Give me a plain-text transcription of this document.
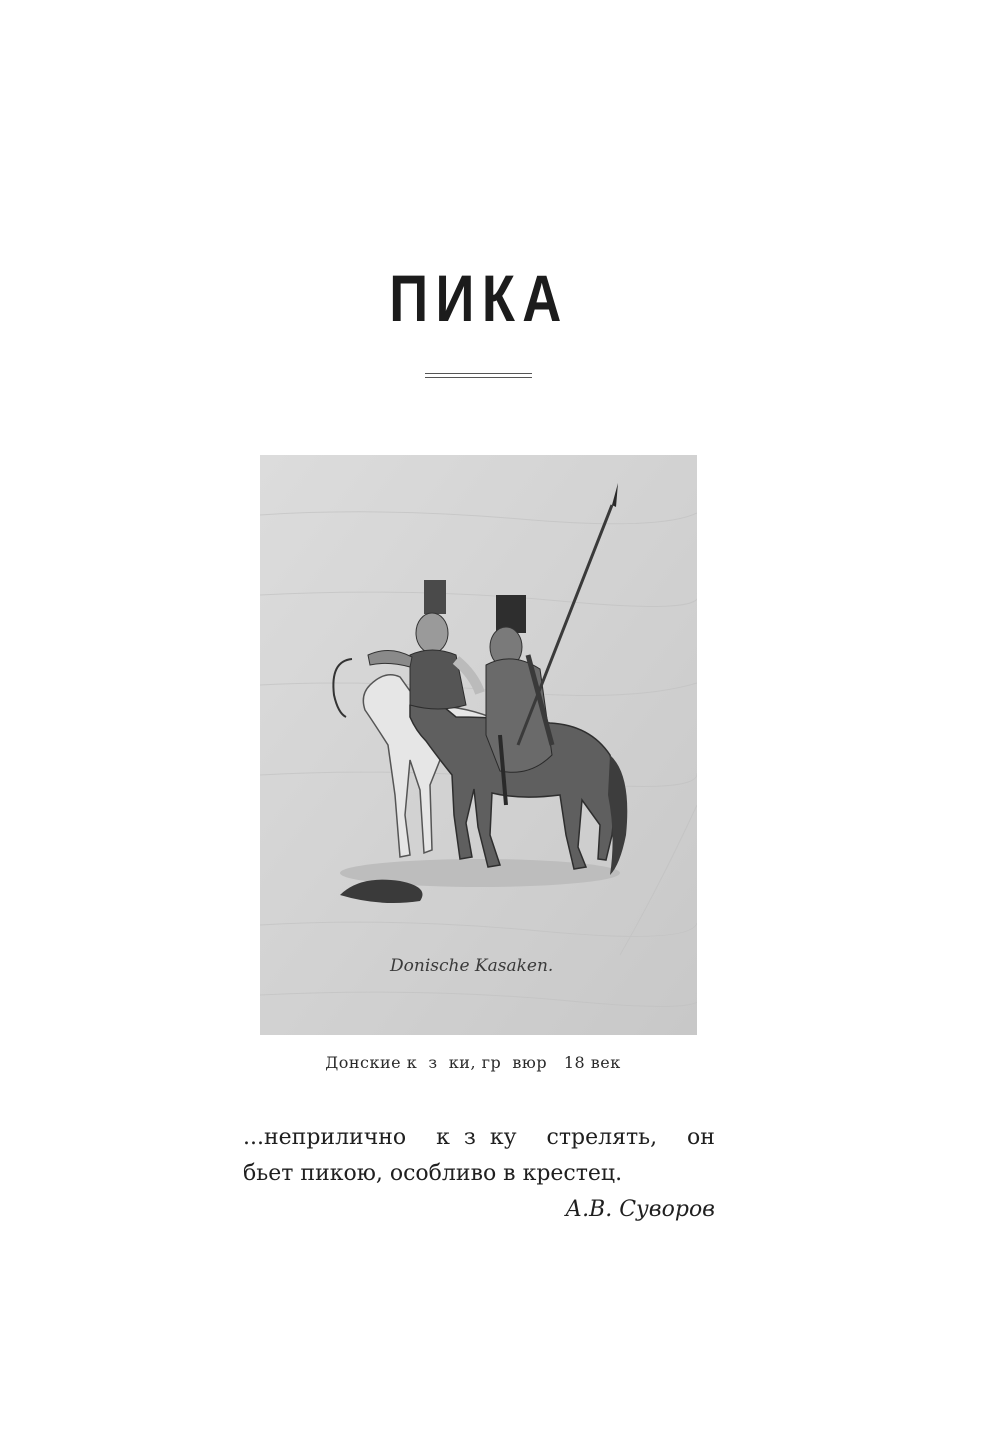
ПИКА
Donische Kasaken.
Донские к  з  ки, гр  вюр   18 век
...неприлично к  з  ку стрелять, он
бьет пикою, особливо в крестец.
А.В. Суворов
